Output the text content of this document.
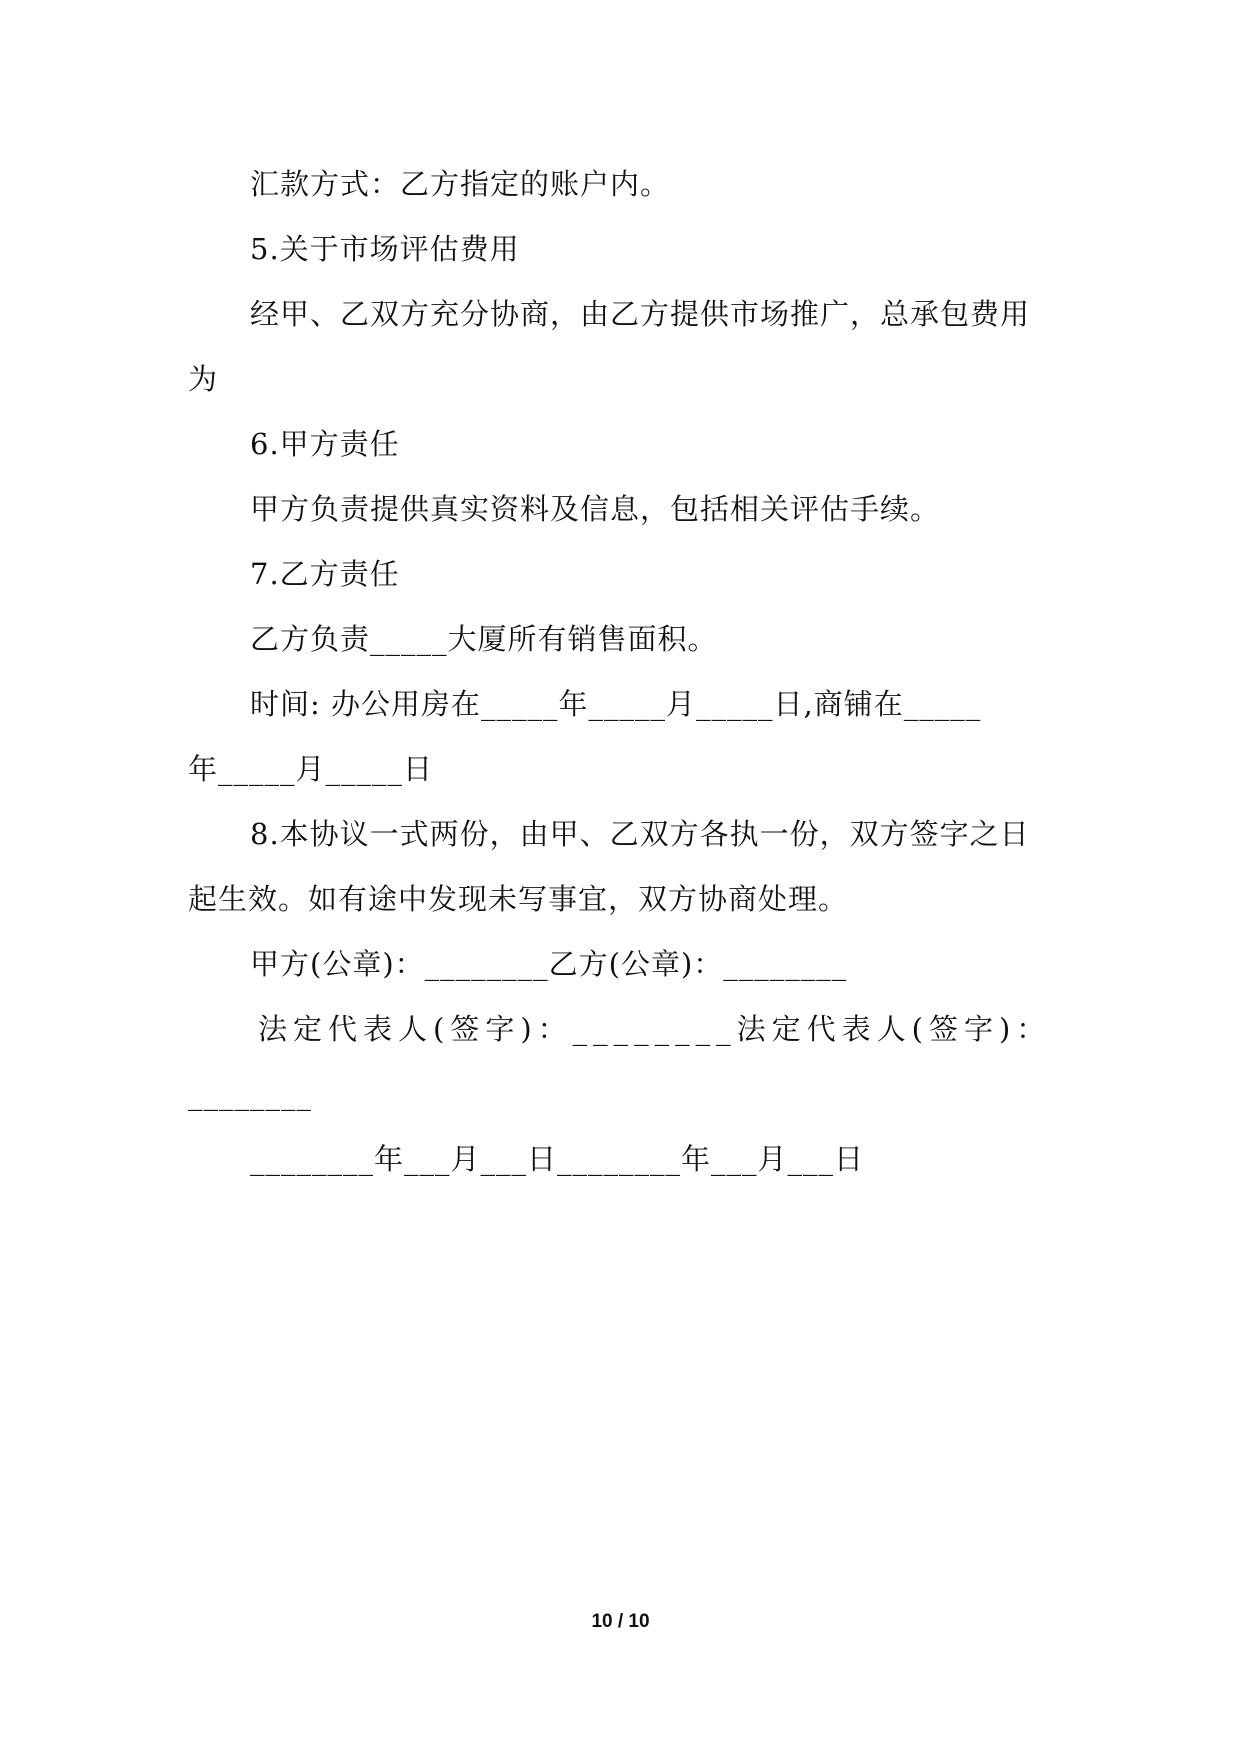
汇款方式：乙方指定的账户内。
5.关于市场评估费用
经甲、乙双方充分协商，由乙方提供市场推广，总承包费用
为
6.甲方责任
甲方负责提供真实资料及信息，包括相关评估手续。
7.乙方责任
乙方负责_____大厦所有销售面积。
时间: 办公用房在_____年_____月_____日,商铺在_____
年_____月_____日
8.本协议一式两份，由甲、乙双方各执一份，双方签字之日
起生效。如有途中发现未写事宜，双方协商处理。
甲方(公章)：________乙方(公章)：________
法定代表人(签字)：________法定代表人(签字)：
________
________年___月___日________年___月___日
10 / 10
